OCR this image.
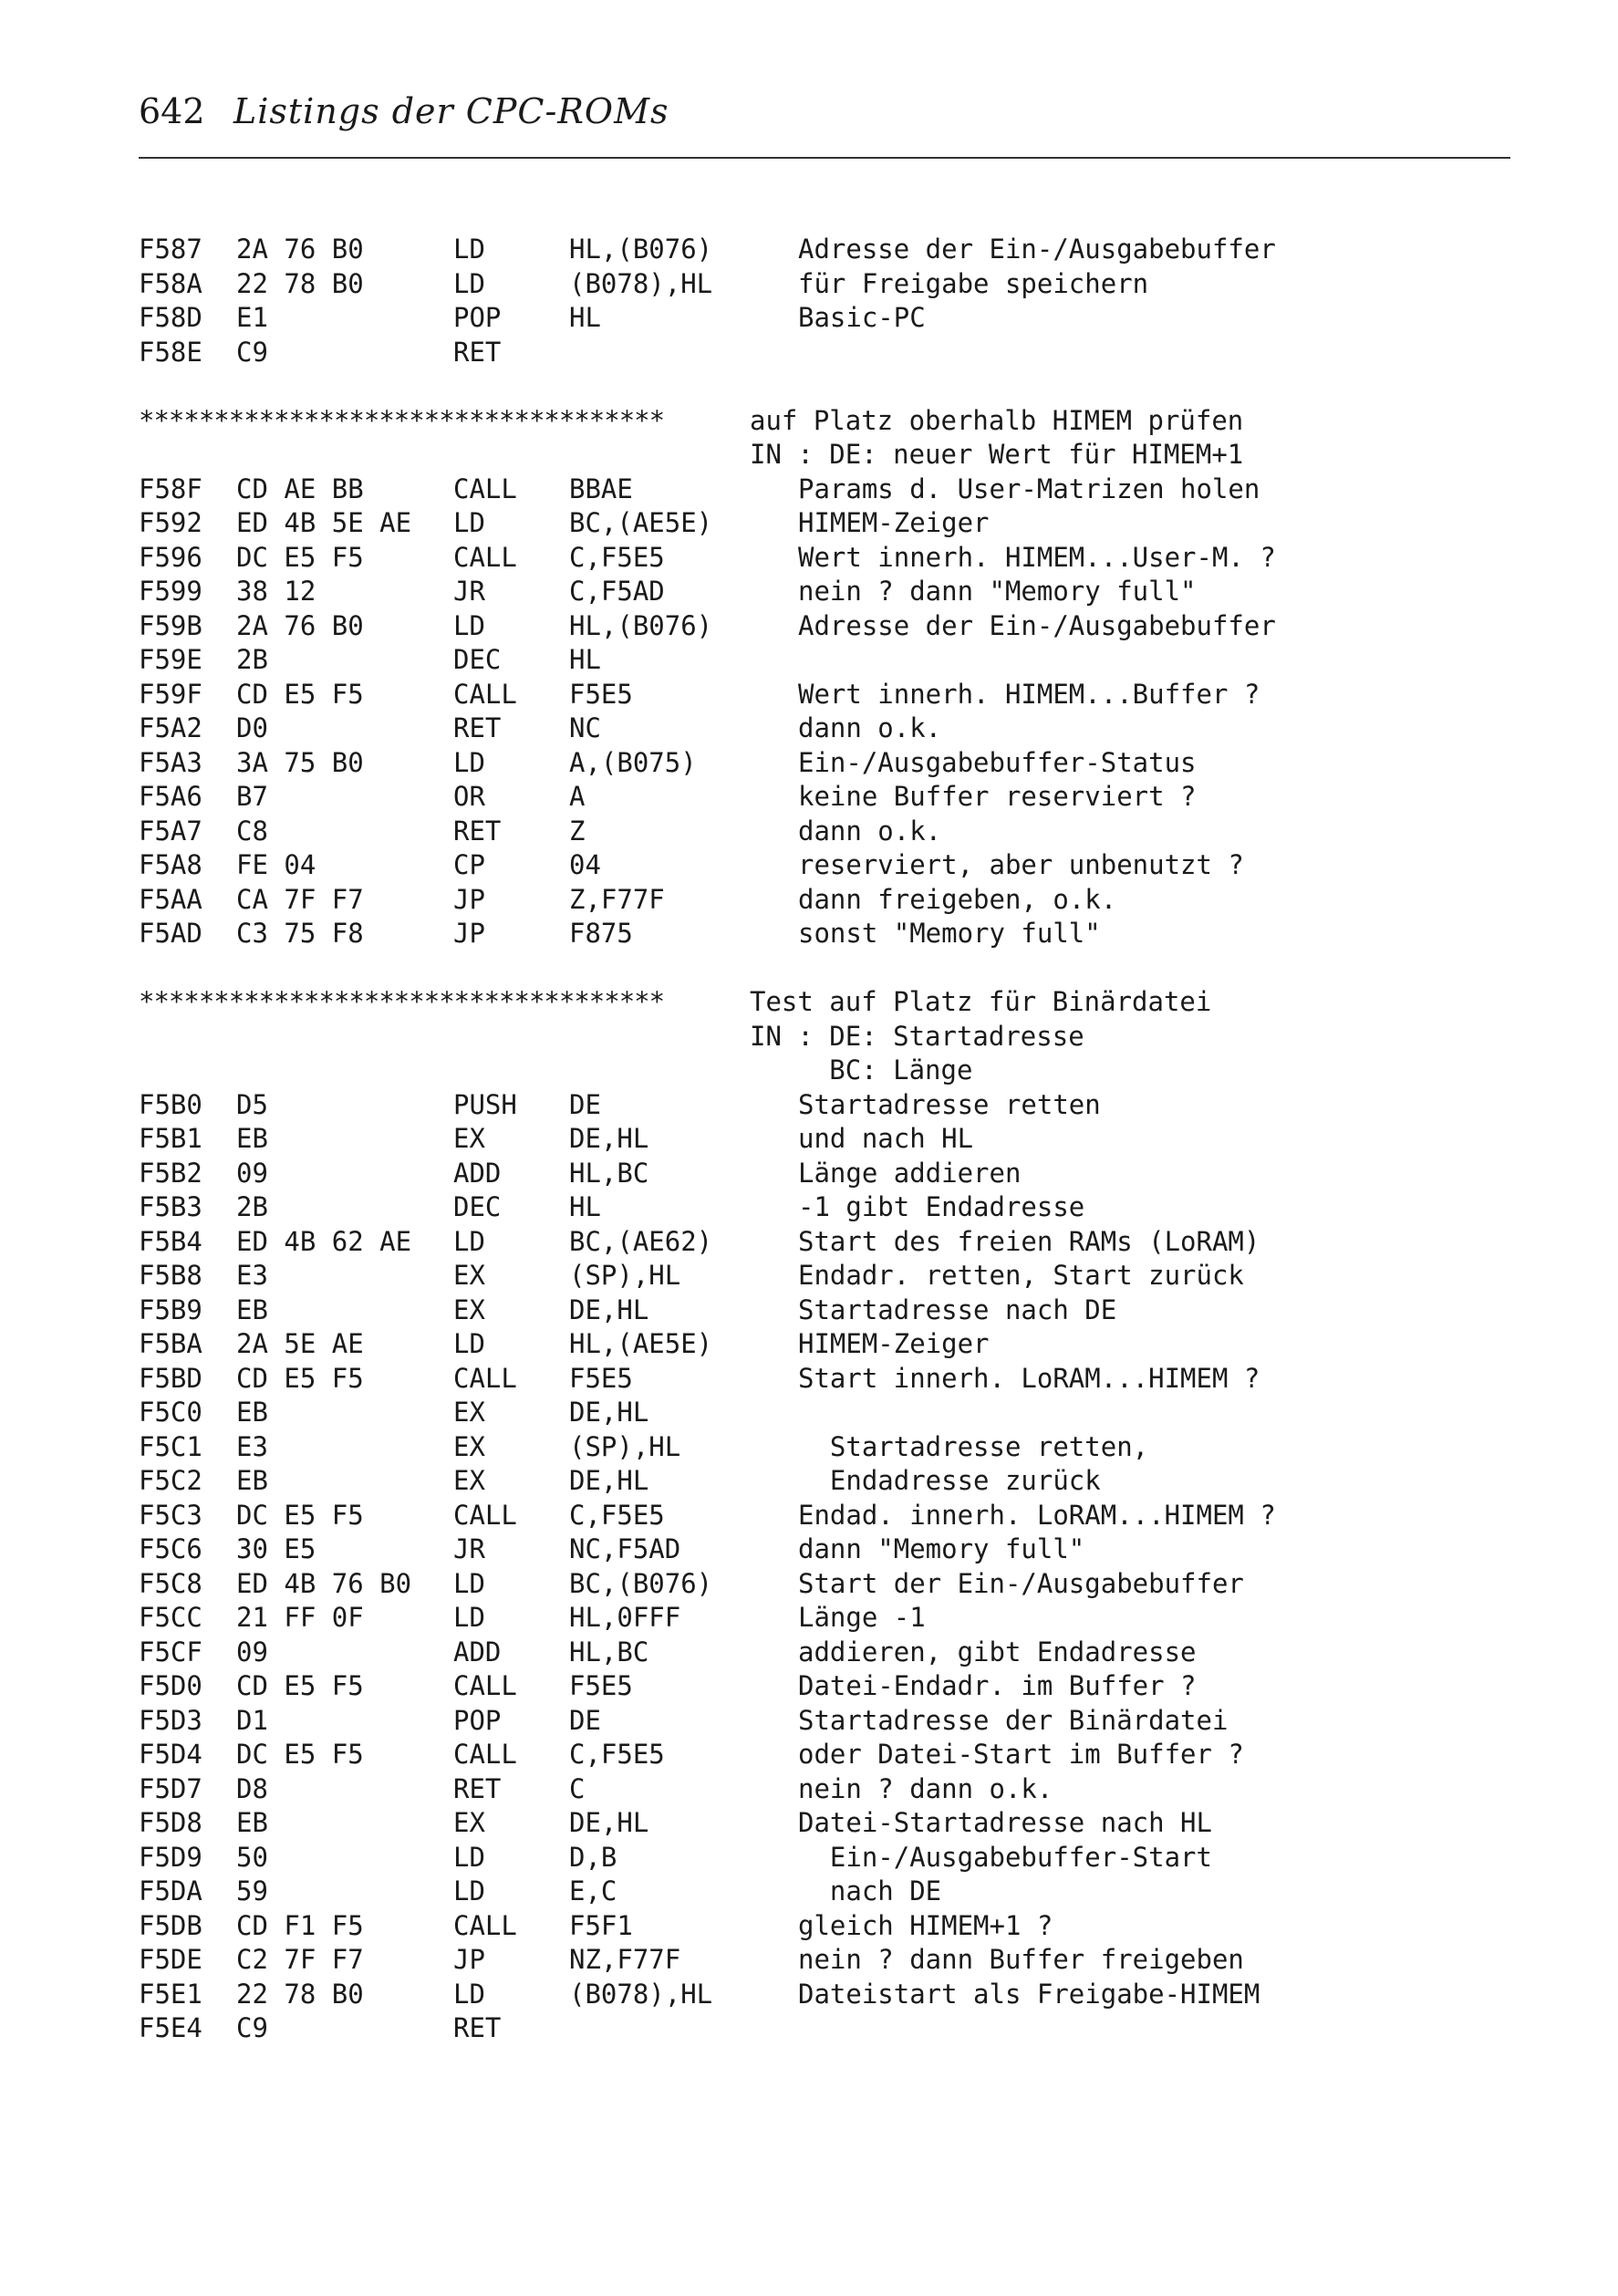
642 Listings der CPC-ROMs
F587 2A 76 B0	LD	HL,(B076)	Adresse der Ein-/Ausgabebuffer
F58A 22 78 B0	LD	(B078),HL	für Freigabe speichern
F58D E1	POP	HL	Basic-PC
F58E C9	RET
***********************************	auf Platz oberhalb HIMEM prüfen
IN : DE: neuer Wert für HIMEM+1
F58F CD AE BB	CALL BBAE	Params d. User-Matrizen holen
F592 ED 4B 5E AE LD	BC,(AE5E)	HIMEM-Zeiger
F596 DC E5 F5	CALL C,F5E5	Wert innerh. HIMEM...User-M. ?
F599 38 12	JR	C,F5AD	nein ? dann "Memory full"
F59B 2A 76 B0	LD	HL,(B076)	Adresse der Ein-/Ausgabebuffer
F59E 2B	DEC	HL
F59F CD E5 F5	CALL F5E5	Wert innerh. HIMEM...Buffer ?
F5A2 D0	RET	NC	dann o.k.
F5A3 3A 75 B0	LD	A,(B075)	Ein-/Ausgabebuffer-Status
F5A6 B7	OR	A	keine Buffer reserviert ?
F5A7 C8	RET	Z	dann o.k.
F5A8 FE 04	CP	04	reserviert, aber unbenutzt ?
F5AA CA 7F F7	JP	Z,F77F	dann freigeben, o.k.
F5AD C3 75 F8	JP	F875	sonst "Memory full"
***********************************	Test auf Platz für Binärdatei
IN : DE: Startadresse
BC: Länge
F5B0 D5	PUSH DE	Startadresse retten
F5B1 EB	EX	DE,HL	und nach HL
F5B2 09	ADD	HL,BC	Länge addieren
F5B3 2B	DEC	HL	-1 gibt Endadresse
F5B4 ED 4B 62 AE LD	BC,(AE62)	Start des freien RAMs (LoRAM)
F5B8 E3	EX	(SP),HL	Endadr. retten, Start zurück
F5B9 EB	EX	DE,HL	Startadresse nach DE
F5BA 2A 5E AE	LD	HL,(AE5E)	HIMEM-Zeiger
F5BD CD E5 F5	CALL F5E5	Start innerh. LoRAM...HIMEM ?
F5C0 EB	EX	DE,HL
F5C1 E3	EX	(SP),HL	Startadresse retten,
F5C2 EB	EX	DE,HL	Endadresse zurück
F5C3 DC E5 F5	CALL C,F5E5	Endad. innerh. LoRAM...HIMEM ?
F5C6 30 E5	JR	NC,F5AD	dann "Memory full"
F5C8 ED 4B 76 B0 LD	BC,(B076)	Start der Ein-/Ausgabebuffer
F5CC 21 FF 0F	LD	HL,0FFF	Länge -1
F5CF 09	ADD	HL,BC	addieren, gibt Endadresse
F5D0 CD E5 F5	CALL F5E5	Datei-Endadr. im Buffer ?
F5D3 D1	POP	DE	Startadresse der Binärdatei
F5D4 DC E5 F5	CALL C,F5E5	oder Datei-Start im Buffer ?
F5D7 D8	RET	C	nein ? dann o.k.
F5D8 EB	EX	DE,HL	Datei-Startadresse nach HL
F5D9 50	LD	D,B	Ein-/Ausgabebuffer-Start
F5DA 59	LD	E,C	nach DE
F5DB CD F1 F5	CALL F5F1	gleich HIMEM+1 ?
F5DE C2 7F F7	JP	NZ,F77F	nein ? dann Buffer freigeben
F5E1 22 78 B0	LD	(B078),HL	Dateistart als Freigabe-HIMEM
F5E4 C9	RET
